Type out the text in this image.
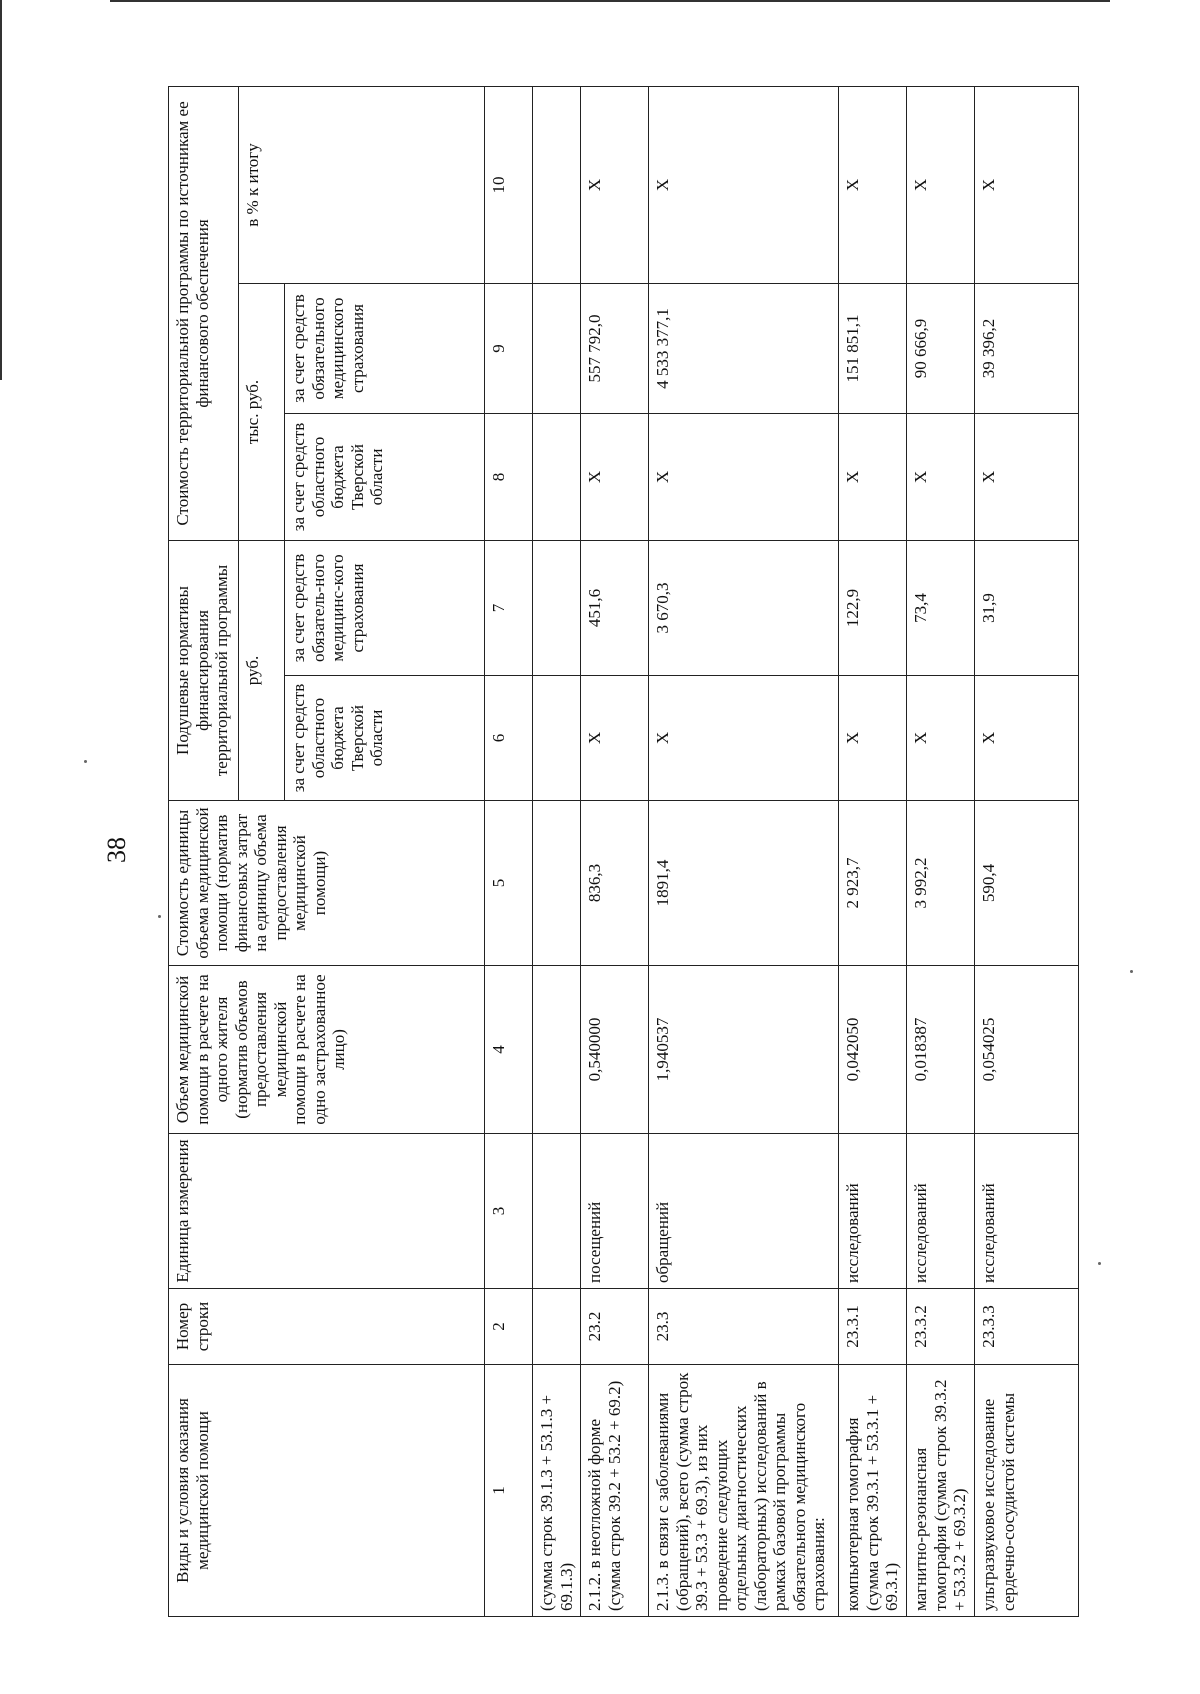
38
Виды и условия оказания медицинской помощи	Номер строки	Единица измерения	Объем медицинской помощи в расчете на одного жителя (норматив объемов предоставления медицинской помощи в расчете на одно застрахованное лицо)	Стоимость единицы объема медицинской помощи (норматив финансовых затрат на единицу объема предоставления медицинской помощи)	Подушевые нормативы финансирования территориальной программы		Стоимость территориальной программы по источникам ее финансового обеспечения		
					руб.		тыс. руб.		в % к итогу
					за счет средств областного бюджета Тверской области	за счет средств обязатель-ного медицинс-кого страхования	за счет средств областного бюджета Тверской области	за счет средств обязательного медицинского страхования	
1	2	3	4	5	6	7	8	9	10
(сумма строк 39.1.3 + 53.1.3 + 69.1.3)									
2.1.2. в неотложной форме (сумма строк 39.2 + 53.2 + 69.2)	23.2	посещений	0,540000	836,3	Х	451,6	Х	557 792,0	Х
2.1.3. в связи с заболеваниями (обращений), всего (сумма строк 39.3 + 53.3 + 69.3), из них проведение следующих отдельных диагностических (лабораторных) исследований в рамках базовой программы обязательного медицинского страхования:	23.3	обращений	1,940537	1891,4	Х	3 670,3	Х	4 533 377,1	Х
компьютерная томография (сумма строк 39.3.1 + 53.3.1 + 69.3.1)	23.3.1	исследований	0,042050	2 923,7	Х	122,9	Х	151 851,1	Х
магнитно-резонансная томография (сумма строк 39.3.2 + 53.3.2 + 69.3.2)	23.3.2	исследований	0,018387	3 992,2	Х	73,4	Х	90 666,9	Х
ультразвуковое исследование сердечно-сосудистой системы	23.3.3	исследований	0,054025	590,4	Х	31,9	Х	39 396,2	Х
